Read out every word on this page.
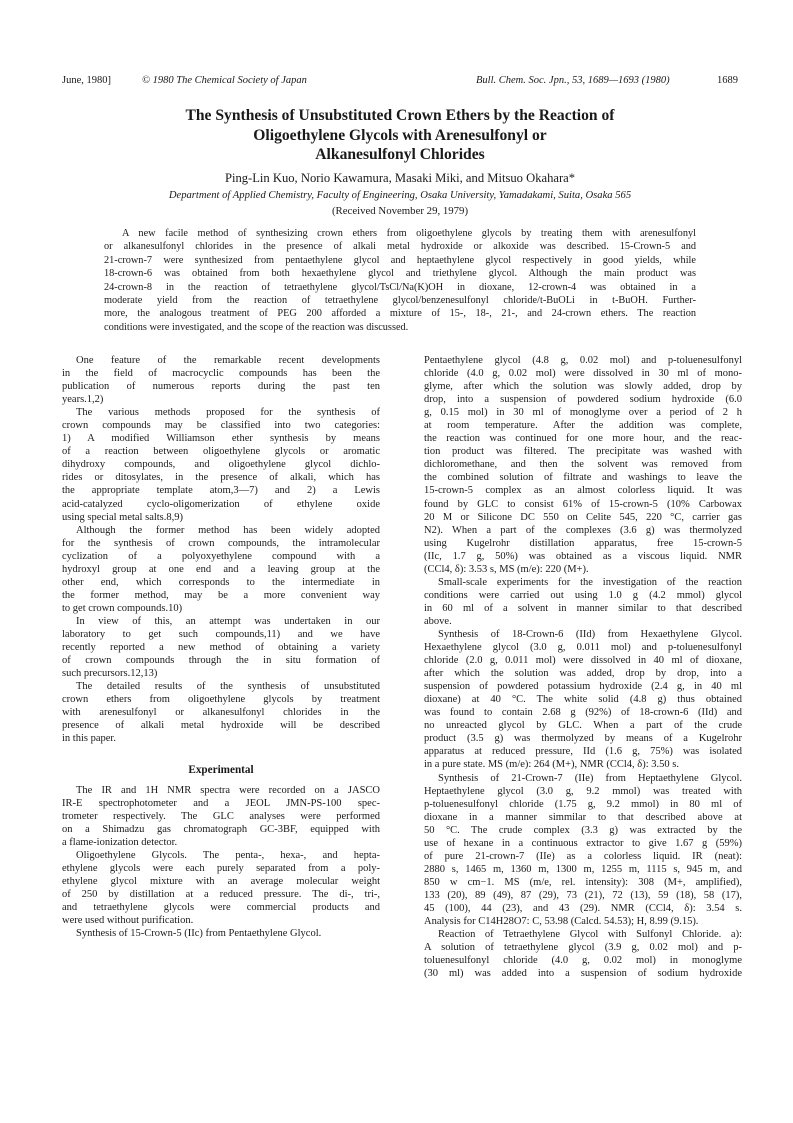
June, 1980]	© 1980 The Chemical Society of Japan	Bull. Chem. Soc. Jpn., 53, 1689—1693 (1980)	1689
The Synthesis of Unsubstituted Crown Ethers by the Reaction of
Oligoethylene Glycols with Arenesulfonyl or
Alkanesulfonyl Chlorides
Ping-Lin Kuo, Norio Kawamura, Masaki Miki, and Mitsuo Okahara*
Department of Applied Chemistry, Faculty of Engineering, Osaka University, Yamadakami, Suita, Osaka 565
(Received November 29, 1979)
A new facile method of synthesizing crown ethers from oligoethylene glycols by treating them with arenesulfonyl
or alkanesulfonyl chlorides in the presence of alkali metal hydroxide or alkoxide was described. 15-Crown-5 and
21-crown-7 were synthesized from pentaethylene glycol and heptaethylene glycol respectively in good yields, while
18-crown-6 was obtained from both hexaethylene glycol and triethylene glycol. Although the main product was
24-crown-8 in the reaction of tetraethylene glycol/TsCl/Na(K)OH in dioxane, 12-crown-4 was obtained in a
moderate yield from the reaction of tetraethylene glycol/benzenesulfonyl chloride/t-BuOLi in t-BuOH. Further-
more, the analogous treatment of PEG 200 afforded a mixture of 15-, 18-, 21-, and 24-crown ethers. The reaction
conditions were investigated, and the scope of the reaction was discussed.
One feature of the remarkable recent developments
in the field of macrocyclic compounds has been the
publication of numerous reports during the past ten
years.1,2)
The various methods proposed for the synthesis of
crown compounds may be classified into two categories:
1) A modified Williamson ether synthesis by means
of a reaction between oligoethylene glycols or aromatic
dihydroxy compounds, and oligoethylene glycol dichlo-
rides or ditosylates, in the presence of alkali, which has
the appropriate template atom,3—7) and 2) a Lewis
acid-catalyzed cyclo-oligomerization of ethylene oxide
using special metal salts.8,9)
Although the former method has been widely adopted
for the synthesis of crown compounds, the intramolecular
cyclization of a polyoxyethylene compound with a
hydroxyl group at one end and a leaving group at the
other end, which corresponds to the intermediate in
the former method, may be a more convenient way
to get crown compounds.10)
In view of this, an attempt was undertaken in our
laboratory to get such compounds,11) and we have
recently reported a new method of obtaining a variety
of crown compounds through the in situ formation of
such precursors.12,13)
The detailed results of the synthesis of unsubstituted
crown ethers from oligoethylene glycols by treatment
with arenesulfonyl or alkanesulfonyl chlorides in the
presence of alkali metal hydroxide will be described
in this paper.
Experimental
The IR and 1H NMR spectra were recorded on a JASCO
IR-E spectrophotometer and a JEOL JMN-PS-100 spec-
trometer respectively. The GLC analyses were performed
on a Shimadzu gas chromatograph GC-3BF, equipped with
a flame-ionization detector.
Oligoethylene Glycols. The penta-, hexa-, and hepta-
ethylene glycols were each purely separated from a poly-
ethylene glycol mixture with an average molecular weight
of 250 by distillation at a reduced pressure. The di-, tri-,
and tetraethylene glycols were commercial products and
were used without purification.
Synthesis of 15-Crown-5 (IIc) from Pentaethylene Glycol.
Pentaethylene glycol (4.8 g, 0.02 mol) and p-toluenesulfonyl
chloride (4.0 g, 0.02 mol) were dissolved in 30 ml of mono-
glyme, after which the solution was slowly added, drop by
drop, into a suspension of powdered sodium hydroxide (6.0
g, 0.15 mol) in 30 ml of monoglyme over a period of 2 h
at room temperature. After the addition was complete,
the reaction was continued for one more hour, and the reac-
tion product was filtered. The precipitate was washed with
dichloromethane, and then the solvent was removed from
the combined solution of filtrate and washings to leave the
15-crown-5 complex as an almost colorless liquid. It was
found by GLC to consist 61% of 15-crown-5 (10% Carbowax
20 M or Silicone DC 550 on Celite 545, 220 °C, carrier gas
N2). When a part of the complexes (3.6 g) was thermolyzed
using Kugelrohr distillation apparatus, free 15-crown-5
(IIc, 1.7 g, 50%) was obtained as a viscous liquid. NMR
(CCl4, δ): 3.53 s, MS (m/e): 220 (M+).
Small-scale experiments for the investigation of the reaction
conditions were carried out using 1.0 g (4.2 mmol) glycol
in 60 ml of a solvent in manner similar to that described
above.
Synthesis of 18-Crown-6 (IId) from Hexaethylene Glycol.
Hexaethylene glycol (3.0 g, 0.011 mol) and p-toluenesulfonyl
chloride (2.0 g, 0.011 mol) were dissolved in 40 ml of dioxane,
after which the solution was added, drop by drop, into a
suspension of powdered potassium hydroxide (2.4 g, in 40 ml
dioxane) at 40 °C. The white solid (4.8 g) thus obtained
was found to contain 2.68 g (92%) of 18-crown-6 (IId) and
no unreacted glycol by GLC. When a part of the crude
product (3.5 g) was thermolyzed by means of a Kugelrohr
apparatus at reduced pressure, IId (1.6 g, 75%) was isolated
in a pure state. MS (m/e): 264 (M+), NMR (CCl4, δ): 3.50 s.
Synthesis of 21-Crown-7 (IIe) from Heptaethylene Glycol.
Heptaethylene glycol (3.0 g, 9.2 mmol) was treated with
p-toluenesulfonyl chloride (1.75 g, 9.2 mmol) in 80 ml of
dioxane in a manner simmilar to that described above at
50 °C. The crude complex (3.3 g) was extracted by the
use of hexane in a continuous extractor to give 1.67 g (59%)
of pure 21-crown-7 (IIe) as a colorless liquid. IR (neat):
2880 s, 1465 m, 1360 m, 1300 m, 1255 m, 1115 s, 945 m, and
850 w cm−1. MS (m/e, rel. intensity): 308 (M+, amplified),
133 (20), 89 (49), 87 (29), 73 (21), 72 (13), 59 (18), 58 (17),
45 (100), 44 (23), and 43 (29). NMR (CCl4, δ): 3.54 s.
Analysis for C14H28O7: C, 53.98 (Calcd. 54.53); H, 8.99 (9.15).
Reaction of Tetraethylene Glycol with Sulfonyl Chloride. a):
A solution of tetraethylene glycol (3.9 g, 0.02 mol) and p-
toluenesulfonyl chloride (4.0 g, 0.02 mol) in monoglyme
(30 ml) was added into a suspension of sodium hydroxide
